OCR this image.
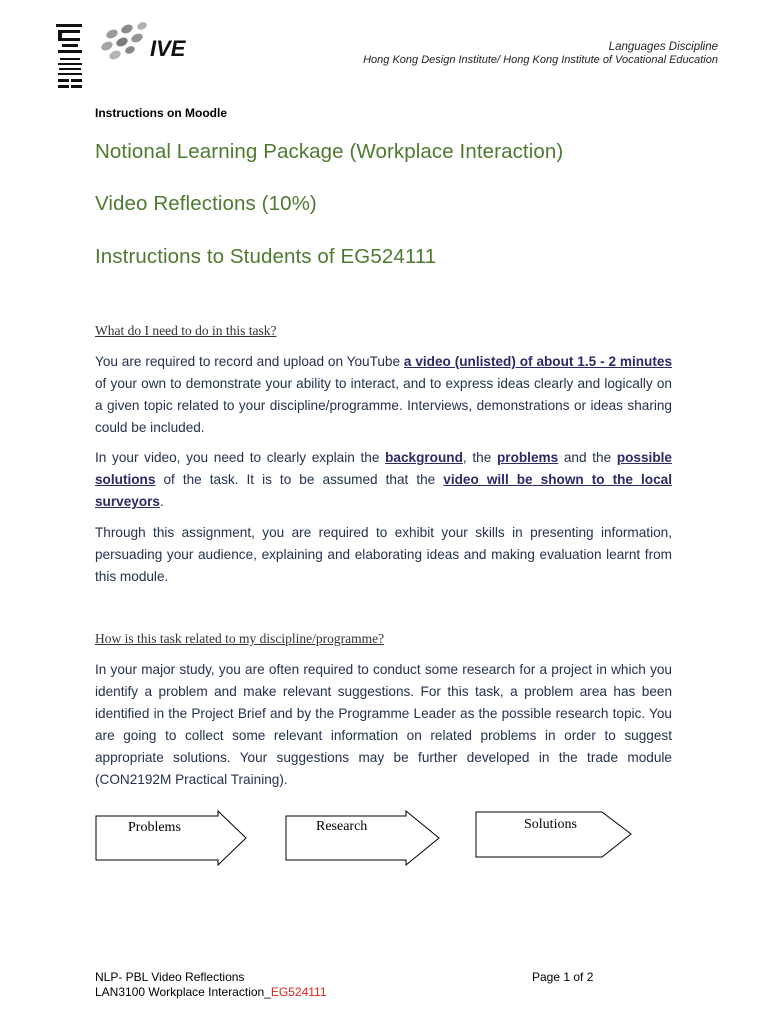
IVE	Languages Discipline
Hong Kong Design Institute/ Hong Kong Institute of Vocational Education
Instructions on Moodle
Notional Learning Package (Workplace Interaction)
Video Reflections (10%)
Instructions to Students of EG524111
What do I need to do in this task?
You are required to record and upload on YouTube a video (unlisted) of about 1.5 - 2 minutes of your own to demonstrate your ability to interact, and to express ideas clearly and logically on a given topic related to your discipline/programme. Interviews, demonstrations or ideas sharing could be included.
In your video, you need to clearly explain the background, the problems and the possible solutions of the task. It is to be assumed that the video will be shown to the local surveyors.
Through this assignment, you are required to exhibit your skills in presenting information, persuading your audience, explaining and elaborating ideas and making evaluation learnt from this module.
How is this task related to my discipline/programme?
In your major study, you are often required to conduct some research for a project in which you identify a problem and make relevant suggestions. For this task, a problem area has been identified in the Project Brief and by the Programme Leader as the possible research topic. You are going to collect some relevant information on related problems in order to suggest appropriate solutions. Your suggestions may be further developed in the trade module (CON2192M Practical Training).
Problems	Research	Solutions
NLP- PBL Video Reflections
LAN3100 Workplace Interaction_EG524111
Page 1 of 2
